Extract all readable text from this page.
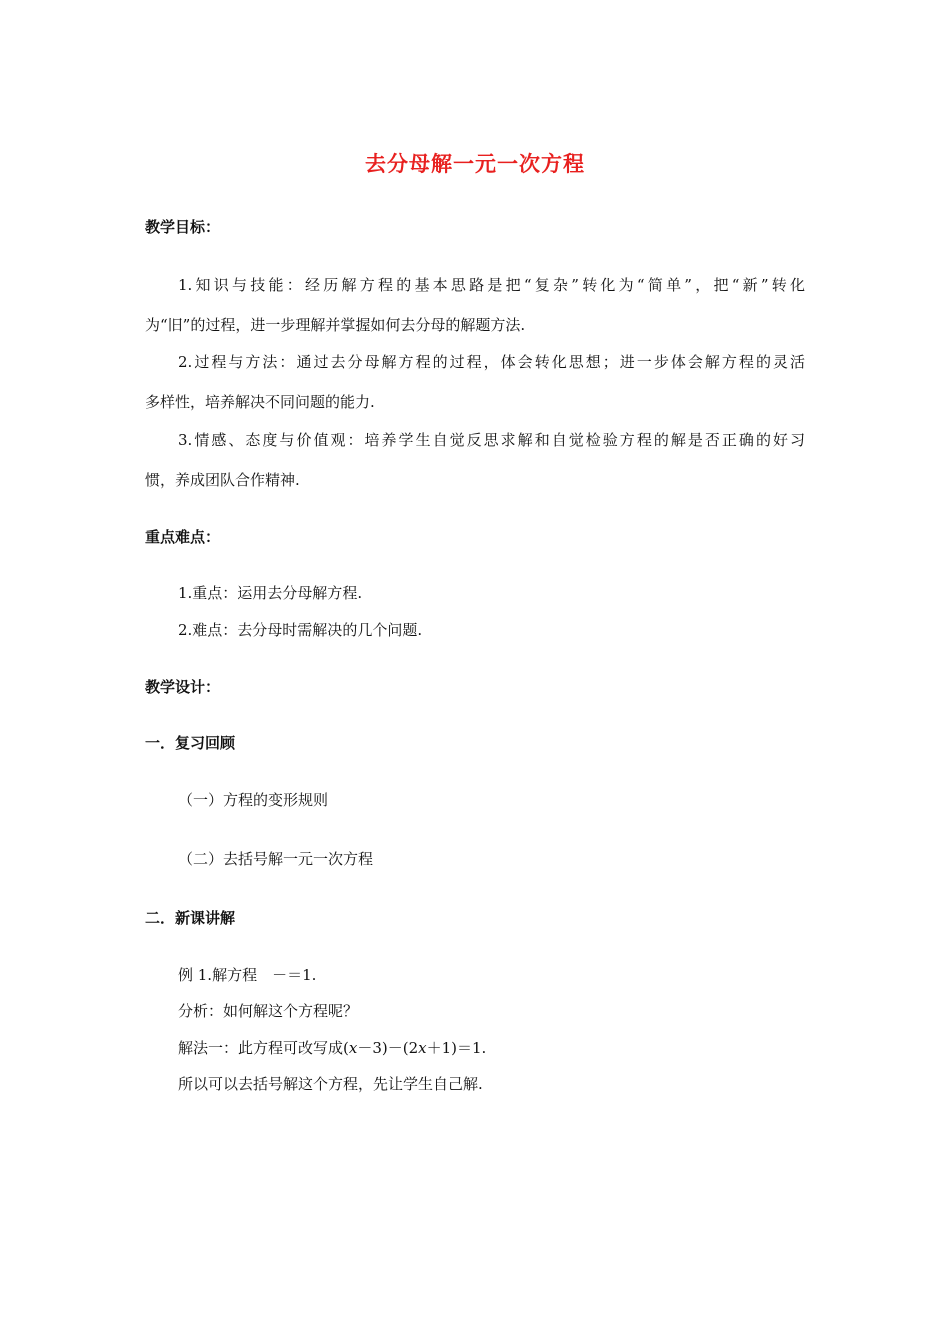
去分母解一元一次方程
教学目标：
1.知识与技能：经历解方程的基本思路是把“复杂”转化为“简单”，把“新”转化
为“旧”的过程，进一步理解并掌握如何去分母的解题方法.
2.过程与方法：通过去分母解方程的过程，体会转化思想；进一步体会解方程的灵活
多样性，培养解决不同问题的能力.
3.情感、态度与价值观：培养学生自觉反思求解和自觉检验方程的解是否正确的好习
惯，养成团队合作精神.
重点难点：
1.重点：运用去分母解方程.
2.难点：去分母时需解决的几个问题.
教学设计：
一．复习回顾
（一）方程的变形规则
（二）去括号解一元一次方程
二．新课讲解
例 1.解方程　－＝1.
分析：如何解这个方程呢？
解法一：此方程可改写成(x－3)－(2x＋1)＝1.
所以可以去括号解这个方程，先让学生自己解.
